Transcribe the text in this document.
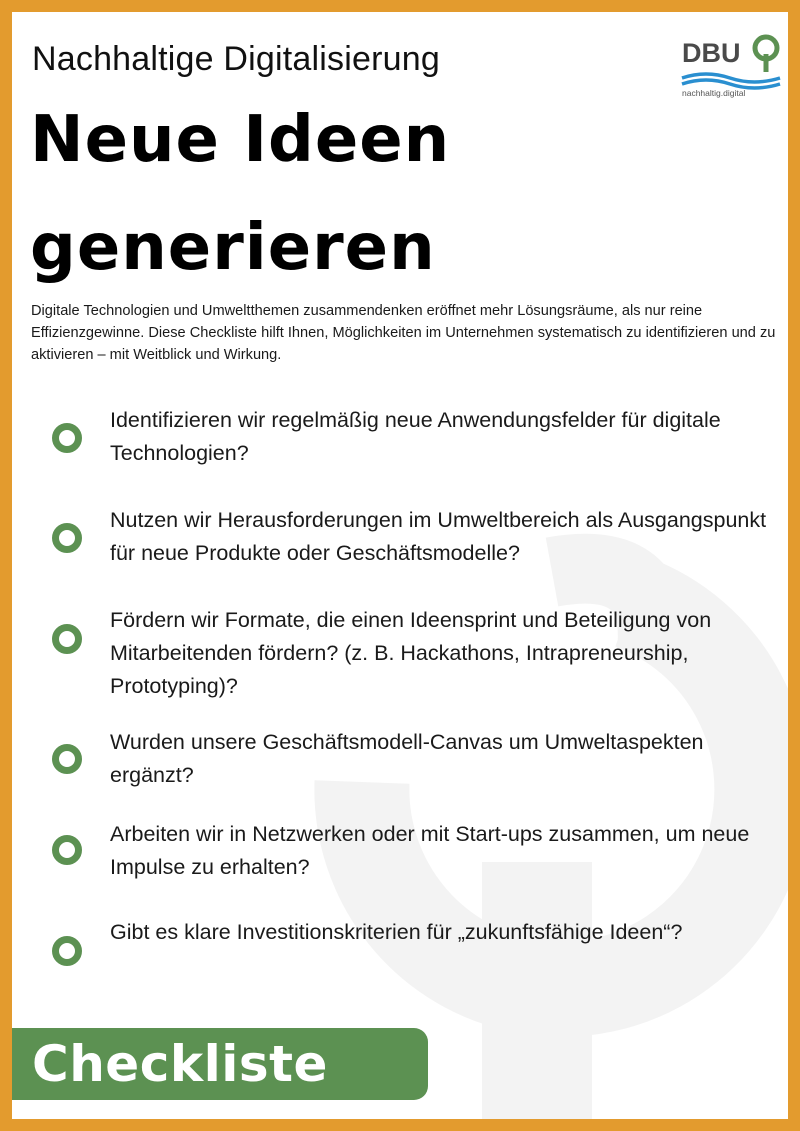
Nachhaltige Digitalisierung
Neue Ideen generieren
DBU
nachhaltig.digital

Digitale Technologien und Umweltthemen zusammendenken eröffnet mehr Lösungsräume, als nur reine Effizienzgewinne. Diese Checkliste hilft Ihnen, Möglichkeiten im Unternehmen systematisch zu identifizieren und zu aktivieren – mit Weitblick und Wirkung.

Identifizieren wir regelmäßig neue Anwendungsfelder für digitale Technologien?
Nutzen wir Herausforderungen im Umweltbereich als Ausgangspunkt für neue Produkte oder Geschäftsmodelle?
Fördern wir Formate, die einen Ideensprint und Beteiligung von Mitarbeitenden fördern? (z. B. Hackathons, Intrapreneurship, Prototyping)?
Wurden unsere Geschäftsmodell-Canvas um Umweltaspekten ergänzt?
Arbeiten wir in Netzwerken oder mit Start-ups zusammen, um neue Impulse zu erhalten?
Gibt es klare Investitionskriterien für „zukunftsfähige Ideen“?
Checkliste
